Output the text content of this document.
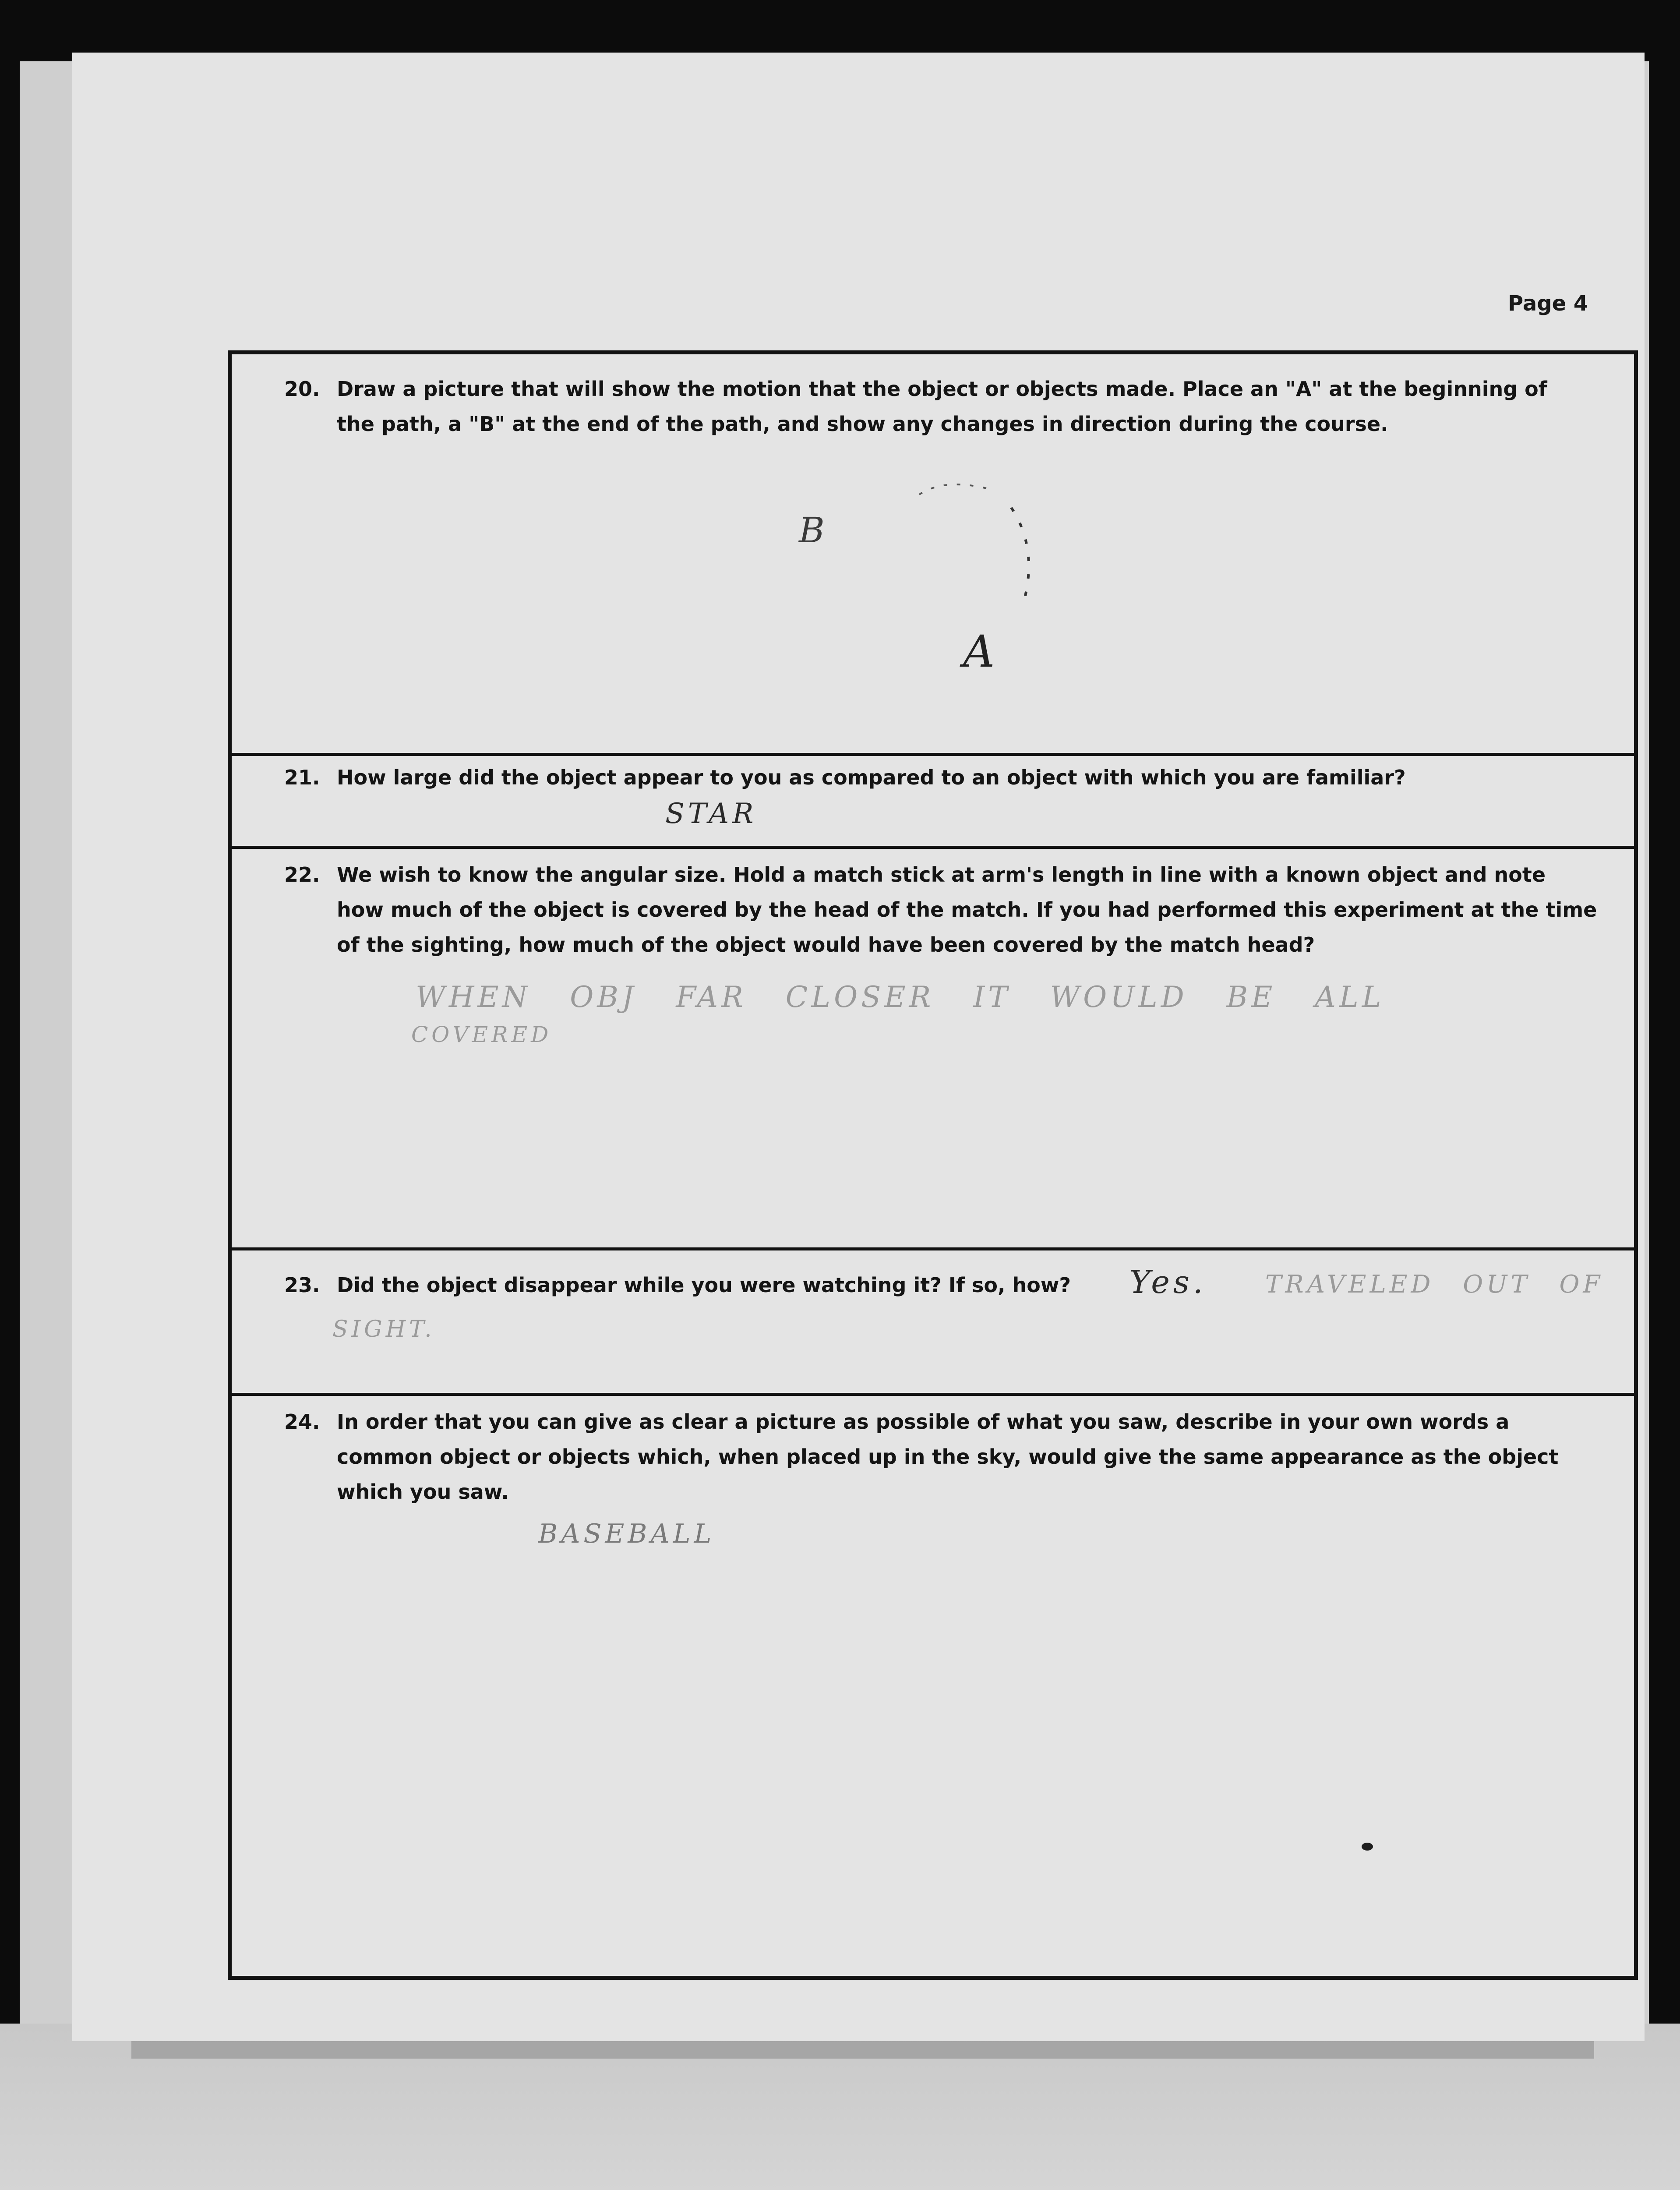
Page 4
20. Draw a picture that will show the motion that the object or objects made. Place an "A" at the beginning of
the path, a "B" at the end of the path, and show any changes in direction during the course.
B
A
21. How large did the object appear to you as compared to an object with which you are familiar?
STAR
22. We wish to know the angular size. Hold a match stick at arm's length in line with a known object and note
how much of the object is covered by the head of the match. If you had performed this experiment at the time
of the sighting, how much of the object would have been covered by the match head?
WHEN OBJ FAR CLOSER IT WOULD BE ALL
COVERED
23. Did the object disappear while you were watching it? If so, how? Yes. TRAVELED OUT OF
SIGHT.
24. In order that you can give as clear a picture as possible of what you saw, describe in your own words a
common object or objects which, when placed up in the sky, would give the same appearance as the object
which you saw.
BASEBALL
